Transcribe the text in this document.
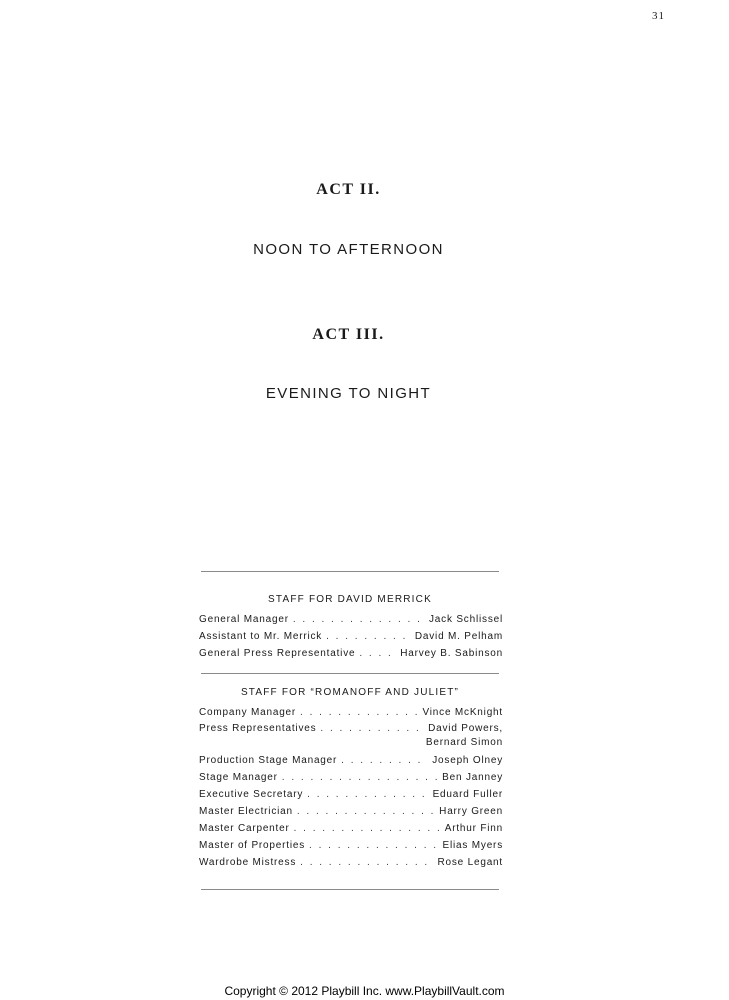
31
ACT II.
NOON TO AFTERNOON
ACT III.
EVENING TO NIGHT
STAFF FOR DAVID MERRICK
General Manager . . .	Jack Schlissel
Assistant to Mr. Merrick . . .	David M. Pelham
General Press Representative . . .	Harvey B. Sabinson
STAFF FOR “ROMANOFF AND JULIET”
Company Manager . . .	Vince McKnight
Press Representatives . . .	David Powers,
Bernard Simon
Production Stage Manager . . .	Joseph Olney
Stage Manager . . .	Ben Janney
Executive Secretary . . .	Eduard Fuller
Master Electrician . . .	Harry Green
Master Carpenter . . .	Arthur Finn
Master of Properties . . .	Elias Myers
Wardrobe Mistress . . .	Rose Legant
Copyright © 2012 Playbill Inc. www.PlaybillVault.com
